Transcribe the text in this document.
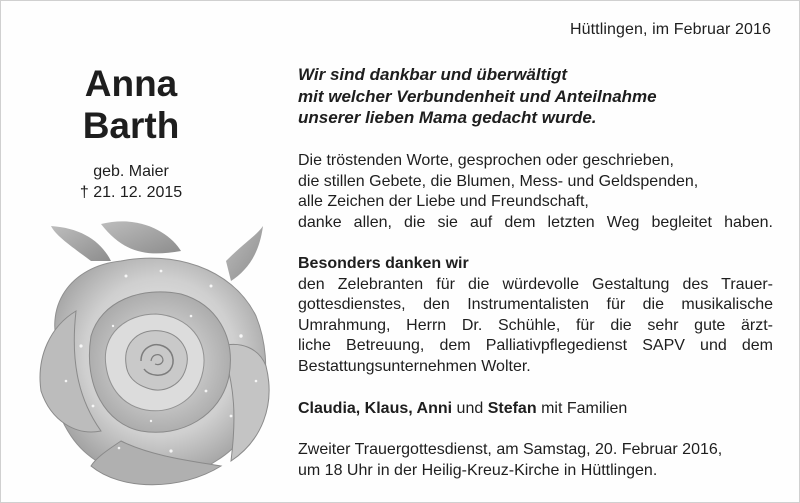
Hüttlingen, im Februar 2016

Anna

Barth

geb. Maier
† 21. 12. 2015

Wir sind dankbar und überwältigt

mit welcher Verbundenheit und Anteilnahme

unserer lieben Mama gedacht wurde.

Die tröstenden Worte, gesprochen oder geschrieben,
die stillen Gebete, die Blumen, Mess- und Geldspenden,
alle Zeichen der Liebe und Freundschaft,
danke allen, die sie auf dem letzten Weg begleitet haben.
Besonders danken wir
den Zelebranten für die würdevolle Gestaltung des Trauer-
gottesdienstes, den Instrumentalisten für die musikalische
Umrahmung, Herrn Dr. Schühle, für die sehr gute ärzt-
liche Betreuung, dem Palliativpflegedienst SAPV und dem
Bestattungsunternehmen Wolter.
Claudia, Klaus, Anni und Stefan mit Familien
Zweiter Trauergottesdienst, am Samstag, 20. Februar 2016,
um 18 Uhr in der Heilig-Kreuz-Kirche in Hüttlingen.
